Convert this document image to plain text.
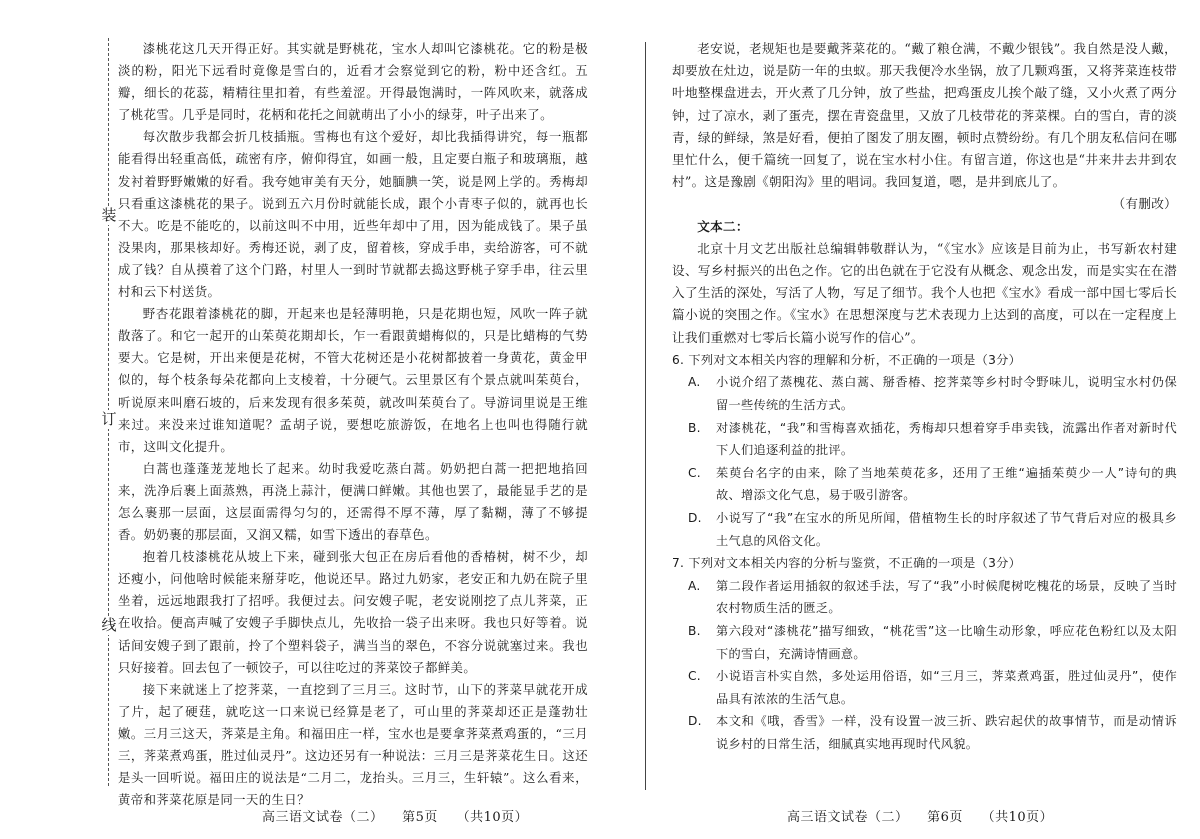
装
订
线

漆桃花这几天开得正好。其实就是野桃花，宝水人却叫它漆桃花。它的粉是极淡的粉，阳光下远看时竟像是雪白的，近看才会察觉到它的粉，粉中还含红。五瓣，细长的花蕊，精精往里扣着，有些羞涩。开得最饱满时，一阵风吹来，就落成了桃花雪。几乎是同时，花柄和花托之间就萌出了小小的绿芽，叶子出来了。

每次散步我都会折几枝插瓶。雪梅也有这个爱好，却比我插得讲究，每一瓶都能看得出轻重高低，疏密有序，俯仰得宜，如画一般，且定要白瓶子和玻璃瓶，越发衬着野野嫩嫩的好看。我夸她审美有天分，她腼腆一笑，说是网上学的。秀梅却只看重这漆桃花的果子。说到五六月份时就能长成，跟个小青枣子似的，就再也长不大。吃是不能吃的，以前这叫不中用，近些年却中了用，因为能成钱了。果子虽没果肉，那果核却好。秀梅还说，剥了皮，留着核，穿成手串，卖给游客，可不就成了钱？自从摸着了这个门路，村里人一到时节就都去捣这野桃子穿手串，往云里村和云下村送货。

野杏花跟着漆桃花的脚，开起来也是轻薄明艳，只是花期也短，风吹一阵子就散落了。和它一起开的山茱萸花期却长，乍一看跟黄蜡梅似的，只是比蜡梅的气势要大。它是树，开出来便是花树，不管大花树还是小花树都披着一身黄花，黄金甲似的，每个枝条每朵花都向上支棱着，十分硬气。云里景区有个景点就叫茱萸台，听说原来叫磨石坡的，后来发现有很多茱萸，就改叫茱萸台了。导游词里说是王维来过。来没来过谁知道呢？孟胡子说，要想吃旅游饭，在地名上也叫也得随行就市，这叫文化提升。

白蒿也蓬蓬茏茏地长了起来。幼时我爱吃蒸白蒿。奶奶把白蒿一把把地掐回来，洗净后裹上面蒸熟，再浇上蒜汁，便满口鲜嫩。其他也罢了，最能显手艺的是怎么裹那一层面，这层面需得匀匀的，还需得不厚不薄，厚了黏糊，薄了不够提香。奶奶裹的那层面，又润又糯，如雪下透出的春草色。

抱着几枝漆桃花从坡上下来，碰到张大包正在房后看他的香椿树，树不少，却还瘦小，问他啥时候能来掰芽吃，他说还早。路过九奶家，老安正和九奶在院子里坐着，远远地跟我打了招呼。我便过去。问安嫂子呢，老安说刚挖了点儿荠菜，正在收拾。便高声喊了安嫂子手脚快点儿，先收拾一袋子出来呀。我也只好等着。说话间安嫂子到了跟前，拎了个塑料袋子，满当当的翠色，不容分说就塞过来。我也只好接着。回去包了一顿饺子，可以往吃过的荠菜饺子都鲜美。

接下来就迷上了挖荠菜，一直挖到了三月三。这时节，山下的荠菜早就花开成了片，起了硬莛，就吃这一口来说已经算是老了，可山里的荠菜却还正是蓬勃壮嫩。三月三这天，荠菜是主角。和福田庄一样，宝水也是要拿荠菜煮鸡蛋的，“三月三，荠菜煮鸡蛋，胜过仙灵丹”。这边还另有一种说法：三月三是荠菜花生日。这还是头一回听说。福田庄的说法是“二月二，龙抬头。三月三，生轩辕”。这么看来，黄帝和荠菜花原是同一天的生日？

高三语文试卷（二） 第5页 （共10页）

老安说，老规矩也是要戴荠菜花的。“戴了粮仓满，不戴少银钱”。我自然是没人戴，却要放在灶边，说是防一年的虫蚁。那天我便冷水坐锅，放了几颗鸡蛋，又将荠菜连枝带叶地整棵盘进去，开火煮了几分钟，放了些盐，把鸡蛋皮儿挨个敲了缝，又小火煮了两分钟，过了凉水，剥了蛋壳，摆在青瓷盘里，又放了几枝带花的荠菜棵。白的雪白，青的淡青，绿的鲜绿，煞是好看，便拍了图发了朋友圈，顿时点赞纷纷。有几个朋友私信问在哪里忙什么，便千篇统一回复了，说在宝水村小住。有留言道，你这也是“井来井去井到农村”。这是豫剧《朝阳沟》里的唱词。我回复道，嗯，是井到底儿了。

（有删改）

文本二：

北京十月文艺出版社总编辑韩敬群认为，“《宝水》应该是目前为止，书写新农村建设、写乡村振兴的出色之作。它的出色就在于它没有从概念、观念出发，而是实实在在潜入了生活的深处，写活了人物，写足了细节。我个人也把《宝水》看成一部中国七零后长篇小说的突围之作。《宝水》在思想深度与艺术表现力上达到的高度，可以在一定程度上让我们重燃对七零后长篇小说写作的信心”。

6. 下列对文本相关内容的理解和分析，不正确的一项是（3分）

A.	小说介绍了蒸槐花、蒸白蒿、掰香椿、挖荠菜等乡村时令野味儿，说明宝水村仍保留一些传统的生活方式。

B.	对漆桃花，“我”和雪梅喜欢插花，秀梅却只想着穿手串卖钱，流露出作者对新时代下人们追逐利益的批评。

C.	茱萸台名字的由来，除了当地茱萸花多，还用了王维“遍插茱萸少一人”诗句的典故、增添文化气息，易于吸引游客。

D.	小说写了“我”在宝水的所见所闻，借植物生长的时序叙述了节气背后对应的极具乡土气息的风俗文化。

7. 下列对文本相关内容的分析与鉴赏，不正确的一项是（3分）

A.	第二段作者运用插叙的叙述手法，写了“我”小时候爬树吃槐花的场景，反映了当时农村物质生活的匮乏。

B.	第六段对“漆桃花”描写细致，“桃花雪”这一比喻生动形象，呼应花色粉红以及太阳下的雪白，充满诗情画意。

C.	小说语言朴实自然，多处运用俗语，如“三月三，荠菜煮鸡蛋，胜过仙灵丹”，使作品具有浓浓的生活气息。

D.	本文和《哦，香雪》一样，没有设置一波三折、跌宕起伏的故事情节，而是动情诉说乡村的日常生活，细腻真实地再现时代风貌。

高三语文试卷（二） 第6页 （共10页）
